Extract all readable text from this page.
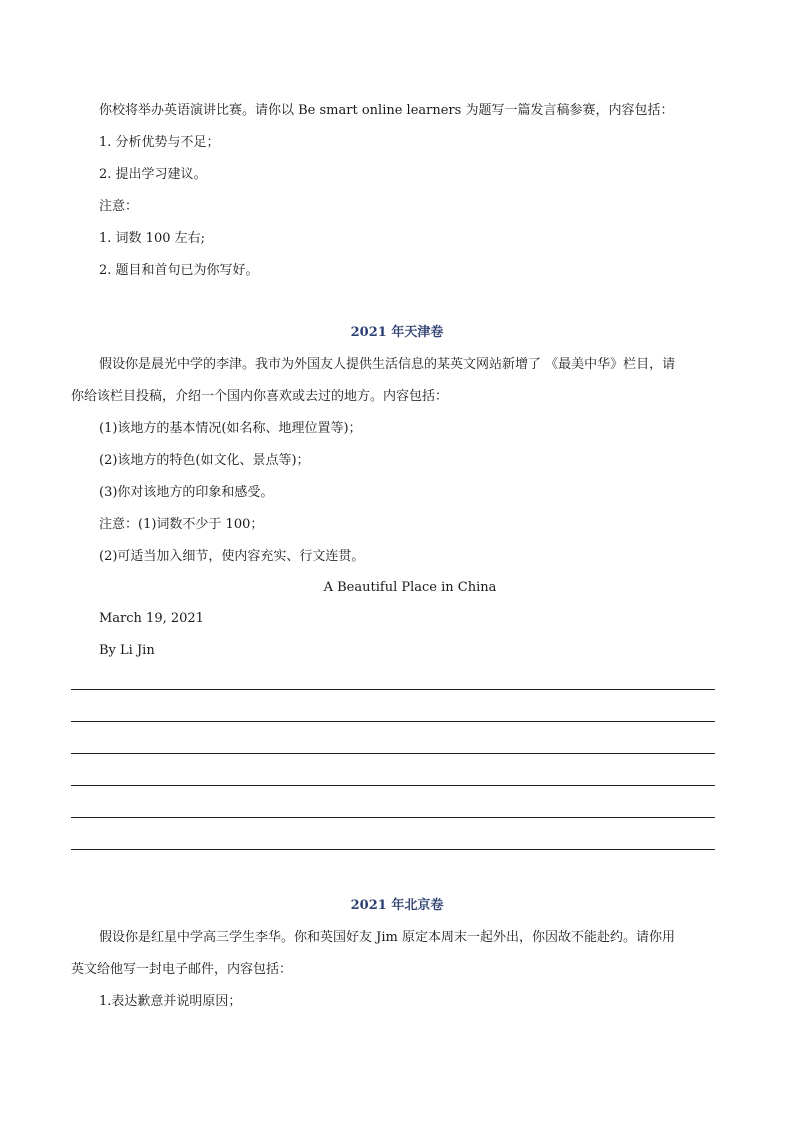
你校将举办英语演讲比赛。请你以 Be smart online learners 为题写一篇发言稿参赛，内容包括：
1. 分析优势与不足；
2. 提出学习建议。
注意：
1. 词数 100 左右;
2. 题目和首句已为你写好。
2021 年天津卷
假设你是晨光中学的李津。我市为外国友人提供生活信息的某英文网站新增了 《最美中华》栏目，请
你给该栏目投稿，介绍一个国内你喜欢或去过的地方。内容包括：
(1)该地方的基本情况(如名称、地理位置等)；
(2)该地方的特色(如文化、景点等)；
(3)你对该地方的印象和感受。
注意：(1)词数不少于 100；
(2)可适当加入细节，使内容充实、行文连贯。
A Beautiful Place in China
March 19, 2021
By Li Jin
2021 年北京卷
假设你是红星中学高三学生李华。你和英国好友 Jim 原定本周末一起外出，你因故不能赴约。请你用
英文给他写一封电子邮件，内容包括：
1.表达歉意并说明原因；
